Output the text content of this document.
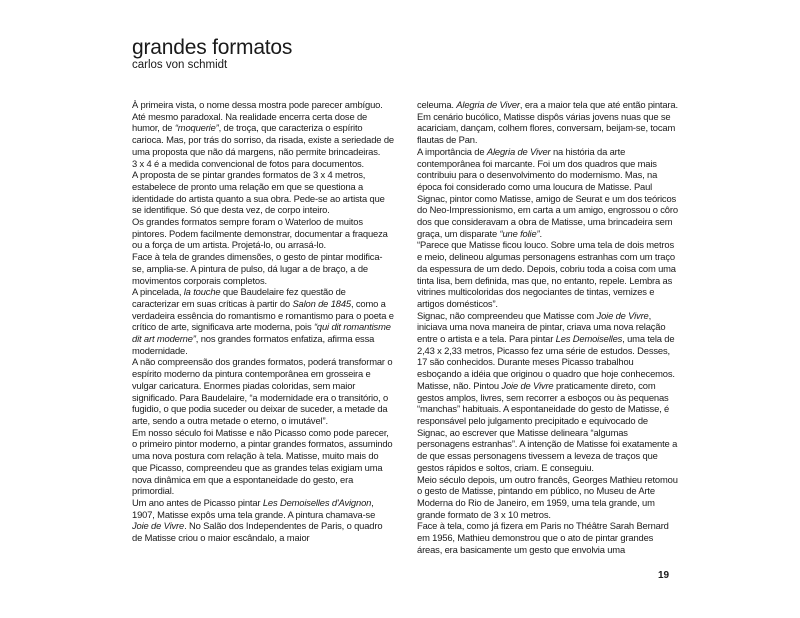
grandes formatos
carlos von schmidt

À primeira vista, o nome dessa mostra pode parecer ambíguo. Até mesmo paradoxal. Na realidade encerra certa dose de humor, de “moquerie”, de troça, que caracteriza o espírito carioca. Mas, por trás do sorriso, da risada, existe a seriedade de uma proposta que não dá margens, não permite brincadeiras.

3 x 4 é a medida convencional de fotos para documentos.

A proposta de se pintar grandes formatos de 3 x 4 metros, estabelece de pronto uma relação em que se questiona a identidade do artista quanto a sua obra. Pede-se ao artista que se identifique. Só que desta vez, de corpo inteiro.

Os grandes formatos sempre foram o Waterloo de muitos pintores. Podem facilmente demonstrar, documentar a fraqueza ou a força de um artista. Projetá-lo, ou arrasá-lo.

Face à tela de grandes dimensões, o gesto de pintar modifica-se, amplia-se. A pintura de pulso, dá lugar a de braço, a de movimentos corporais completos.

A pincelada, la touche que Baudelaire fez questão de caracterizar em suas críticas à partir do Salon de 1845, como a verdadeira essência do romantismo e romantismo para o poeta e crítico de arte, significava arte moderna, pois “qui dit romantisme dit art moderne”, nos grandes formatos enfatiza, afirma essa modernidade.

A não compreensão dos grandes formatos, poderá transformar o espírito moderno da pintura contemporânea em grosseira e vulgar caricatura. Enormes piadas coloridas, sem maior significado. Para Baudelaire, “a modernidade era o transitório, o fugidio, o que podia suceder ou deixar de suceder, a metade da arte, sendo a outra metade o eterno, o imutável”.

Em nosso século foi Matisse e não Picasso como pode parecer, o primeiro pintor moderno, a pintar grandes formatos, assumindo uma nova postura com relação à tela. Matisse, muito mais do que Picasso, compreendeu que as grandes telas exigiam uma nova dinâmica em que a espontaneidade do gesto, era primordial.

Um ano antes de Picasso pintar Les Demoiselles d'Avignon, 1907, Matisse expôs uma tela grande. A pintura chamava-se Joie de Vivre. No Salão dos Independentes de Paris, o quadro de Matisse criou o maior escândalo, a maior

celeuma. Alegria de Viver, era a maior tela que até então pintara. Em cenário bucólico, Matisse dispôs várias jovens nuas que se acariciam, dançam, colhem flores, conversam, beijam-se, tocam flautas de Pan.

A importância de Alegria de Viver na história da arte contemporânea foi marcante. Foi um dos quadros que mais contribuiu para o desenvolvimento do modernismo. Mas, na época foi considerado como uma loucura de Matisse. Paul Signac, pintor como Matisse, amigo de Seurat e um dos teóricos do Neo-Impressionismo, em carta a um amigo, engrossou o côro dos que consideravam a obra de Matisse, uma brincadeira sem graça, um disparate “une folie”.

“Parece que Matisse ficou louco. Sobre uma tela de dois metros e meio, delineou algumas personagens estranhas com um traço da espessura de um dedo. Depois, cobriu toda a coisa com uma tinta lisa, bem definida, mas que, no entanto, repele. Lembra as vitrines multicoloridas dos negociantes de tintas, vernizes e artigos domésticos”.

Signac, não compreendeu que Matisse com Joie de Vivre, iniciava uma nova maneira de pintar, criava uma nova relação entre o artista e a tela. Para pintar Les Demoiselles, uma tela de 2,43 x 2,33 metros, Picasso fez uma série de estudos. Desses, 17 são conhecidos. Durante meses Picasso trabalhou esboçando a idéia que originou o quadro que hoje conhecemos.

Matisse, não. Pintou Joie de Vivre praticamente direto, com gestos amplos, livres, sem recorrer a esboços ou às pequenas “manchas” habituais. A espontaneidade do gesto de Matisse, é responsável pelo julgamento precipitado e equivocado de Signac, ao escrever que Matisse delineara “algumas personagens estranhas”. A intenção de Matisse foi exatamente a de que essas personagens tivessem a leveza de traços que gestos rápidos e soltos, criam. E conseguiu.

Meio século depois, um outro francês, Georges Mathieu retomou o gesto de Matisse, pintando em público, no Museu de Arte Moderna do Rio de Janeiro, em 1959, uma tela grande, um grande formato de 3 x 10 metros.

Face à tela, como já fizera em Paris no Théâtre Sarah Bernard em 1956, Mathieu demonstrou que o ato de pintar grandes áreas, era basicamente um gesto que envolvia uma

19
